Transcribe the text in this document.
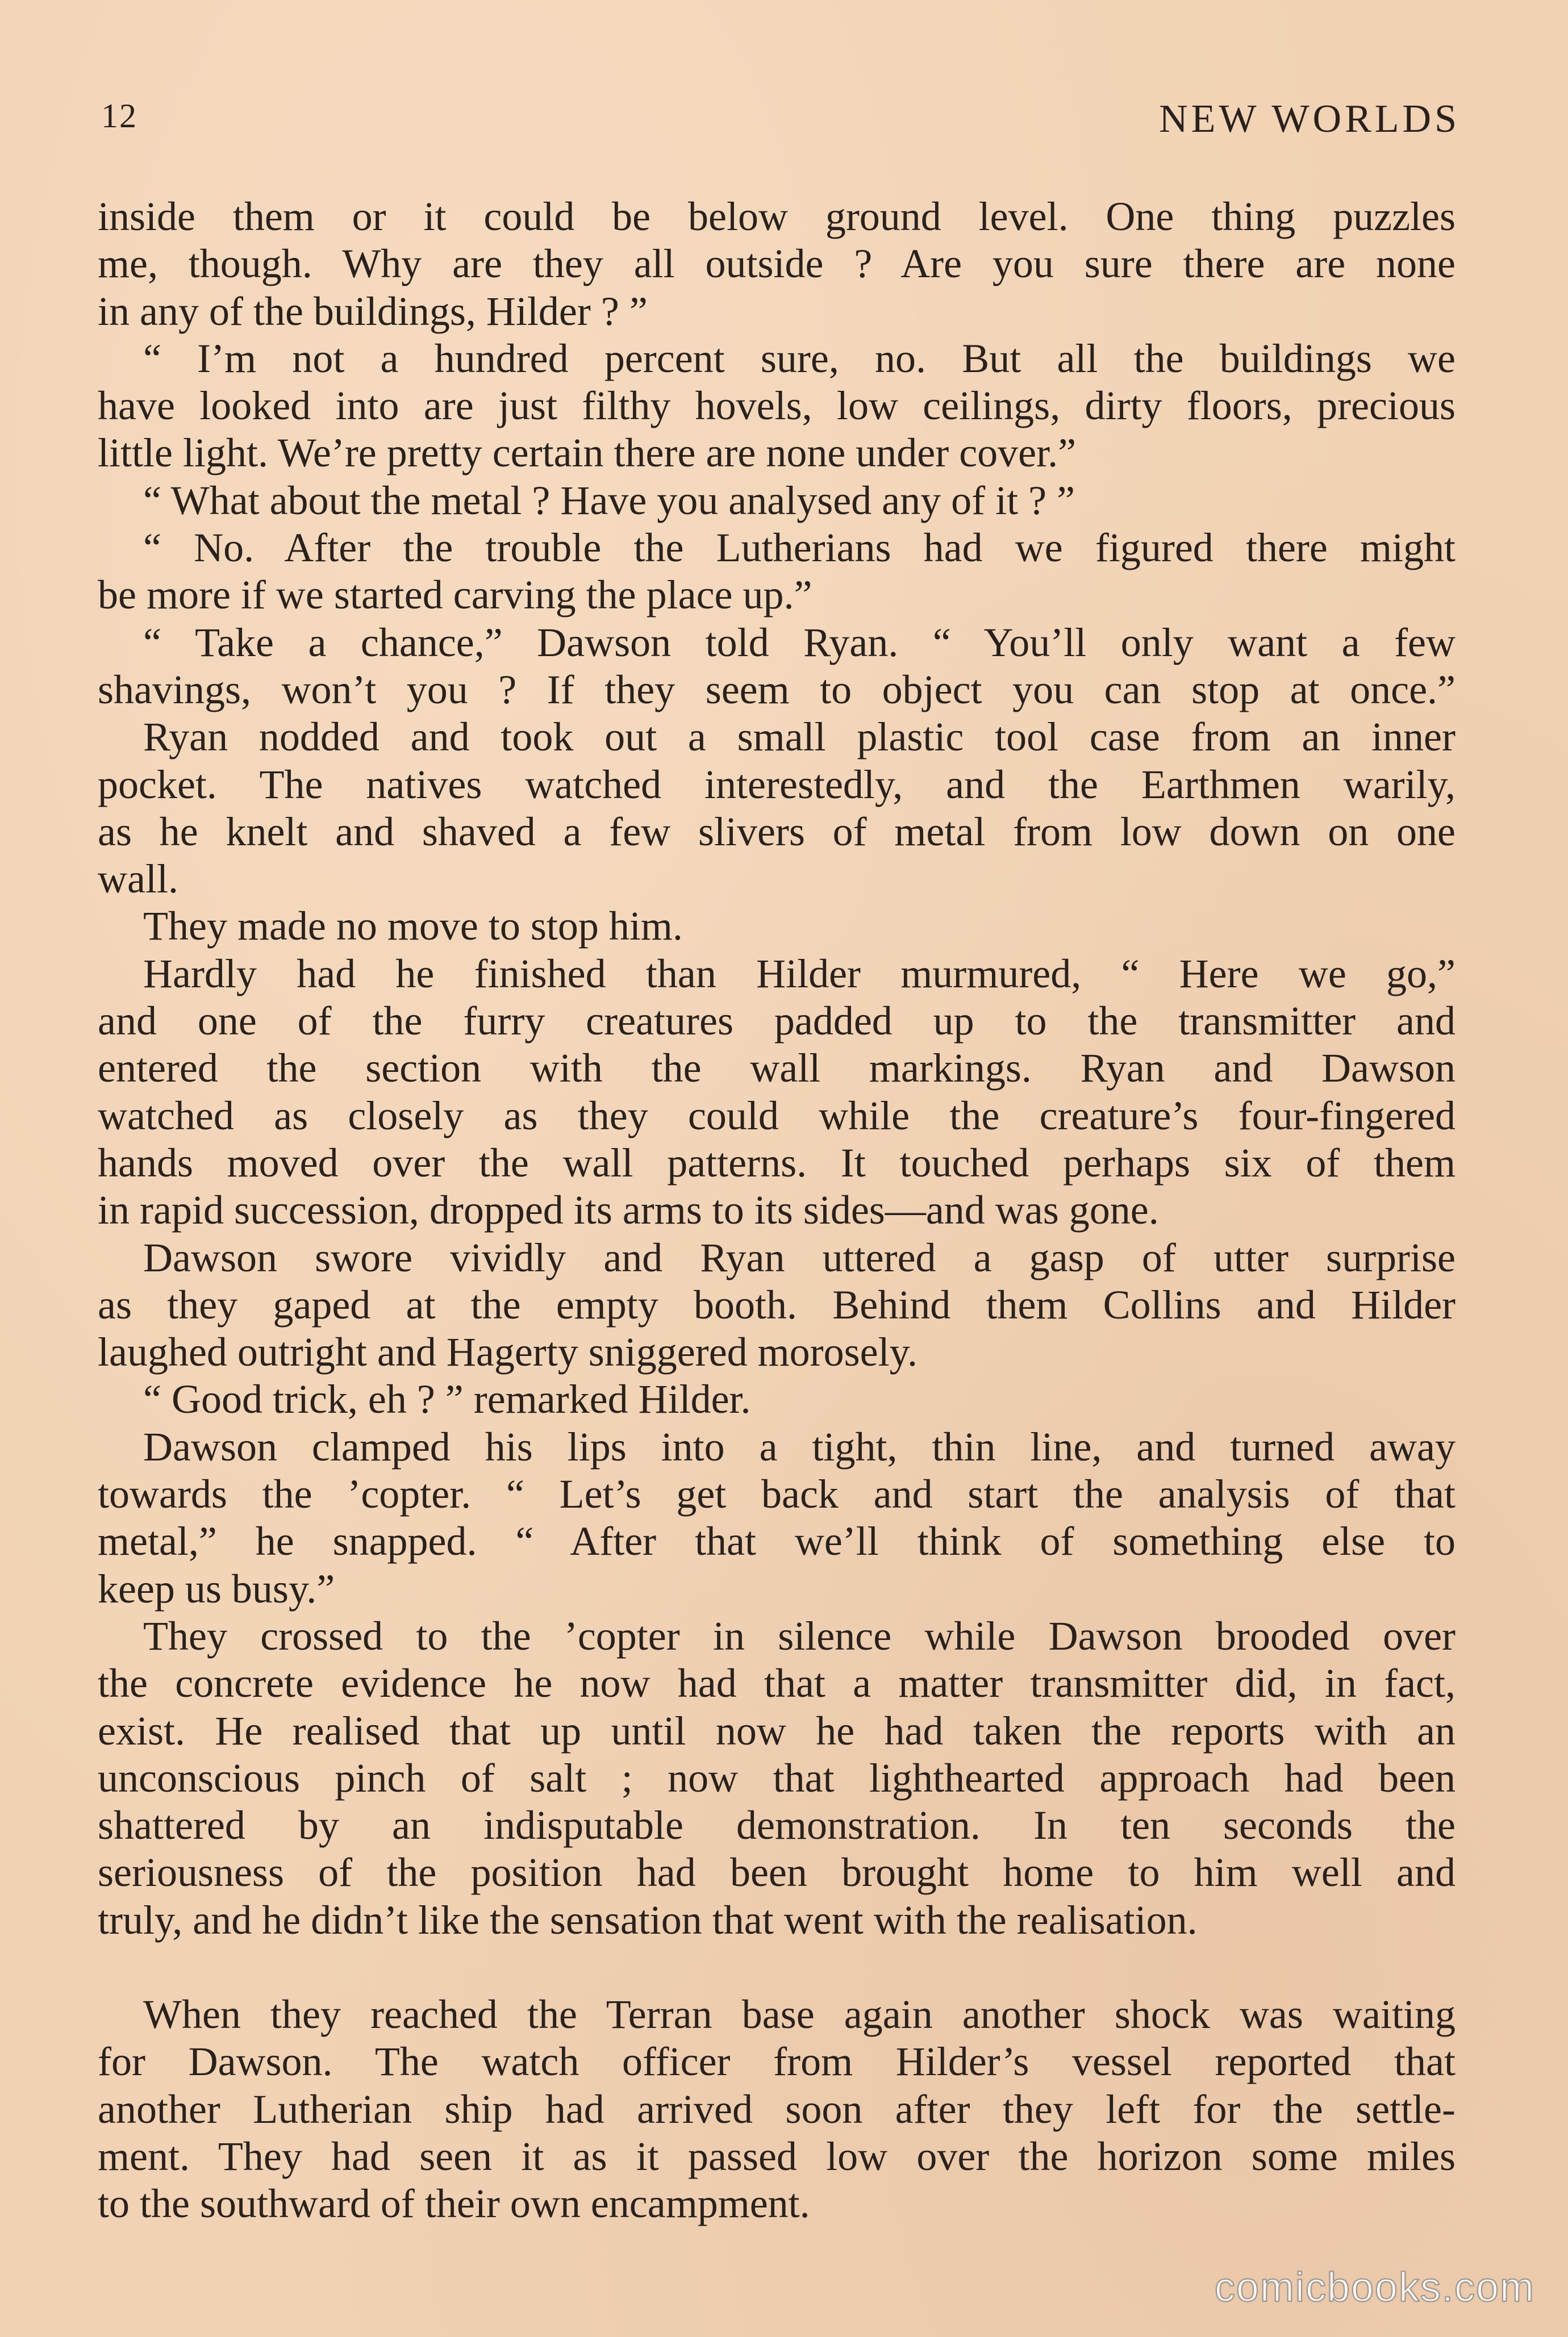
12	NEW WORLDS
inside them or it could be below ground level. One thing puzzles
me, though. Why are they all outside ? Are you sure there are none
in any of the buildings, Hilder ? ”
“ I’m not a hundred percent sure, no. But all the buildings we
have looked into are just filthy hovels, low ceilings, dirty floors, precious
little light. We’re pretty certain there are none under cover.”
“ What about the metal ? Have you analysed any of it ? ”
“ No. After the trouble the Lutherians had we figured there might
be more if we started carving the place up.”
“ Take a chance,” Dawson told Ryan. “ You’ll only want a few
shavings, won’t you ? If they seem to object you can stop at once.”
Ryan nodded and took out a small plastic tool case from an inner
pocket. The natives watched interestedly, and the Earthmen warily,
as he knelt and shaved a few slivers of metal from low down on one
wall.
They made no move to stop him.
Hardly had he finished than Hilder murmured, “ Here we go,”
and one of the furry creatures padded up to the transmitter and
entered the section with the wall markings. Ryan and Dawson
watched as closely as they could while the creature’s four-fingered
hands moved over the wall patterns. It touched perhaps six of them
in rapid succession, dropped its arms to its sides—and was gone.
Dawson swore vividly and Ryan uttered a gasp of utter surprise
as they gaped at the empty booth. Behind them Collins and Hilder
laughed outright and Hagerty sniggered morosely.
“ Good trick, eh ? ” remarked Hilder.
Dawson clamped his lips into a tight, thin line, and turned away
towards the ’copter. “ Let’s get back and start the analysis of that
metal,” he snapped. “ After that we’ll think of something else to
keep us busy.”
They crossed to the ’copter in silence while Dawson brooded over
the concrete evidence he now had that a matter transmitter did, in fact,
exist. He realised that up until now he had taken the reports with an
unconscious pinch of salt ; now that lighthearted approach had been
shattered by an indisputable demonstration. In ten seconds the
seriousness of the position had been brought home to him well and
truly, and he didn’t like the sensation that went with the realisation.
When they reached the Terran base again another shock was waiting
for Dawson. The watch officer from Hilder’s vessel reported that
another Lutherian ship had arrived soon after they left for the settle-
ment. They had seen it as it passed low over the horizon some miles
to the southward of their own encampment.
comicbooks.com
